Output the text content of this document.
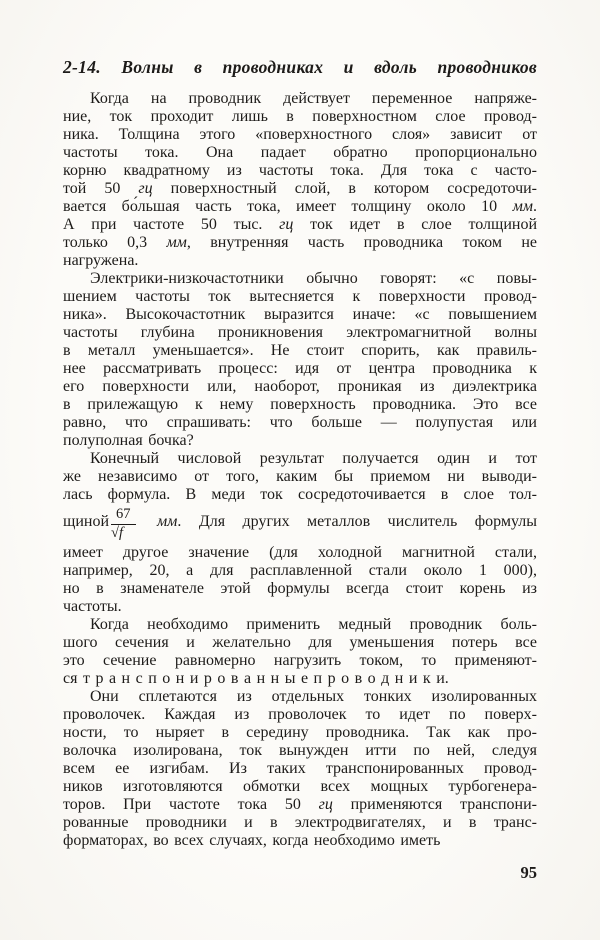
2-14. Волны в проводниках и вдоль проводников
Когда на проводник действует переменное напряже-
ние, ток проходит лишь в поверхностном слое провод-
ника. Толщина этого «поверхностного слоя» зависит от
частоты тока. Она падает обратно пропорционально
корню квадратному из частоты тока. Для тока с часто-
той 50 гц поверхностный слой, в котором сосредоточи-
вается бо́льшая часть тока, имеет толщину около 10 мм.
А при частоте 50 тыс. гц ток идет в слое толщиной
только 0,3 мм, внутренняя часть проводника током не
нагружена.
Электрики-низкочастотники обычно говорят: «с повы-
шением частоты ток вытесняется к поверхности провод-
ника». Высокочастотник выразится иначе: «с повышением
частоты глубина проникновения электромагнитной волны
в металл уменьшается». Не стоит спорить, как правиль-
нее рассматривать процесс: идя от центра проводника к
его поверхности или, наоборот, проникая из диэлектрика
в прилежащую к нему поверхность проводника. Это все
равно, что спрашивать: что больше — полупустая или
полуполная бочка?
Конечный числовой результат получается один и тот
же независимо от того, каким бы приемом ни выводи-
лась формула. В меди ток сосредоточивается в слое тол-
щиной $\frac{67}{√f}$ мм. Для других металлов числитель формулы
имеет другое значение (для холодной магнитной стали,
например, 20, а для расплавленной стали около 1 000),
но в знаменателе этой формулы всегда стоит корень из
частоты.
Когда необходимо применить медный проводник боль-
шого сечения и желательно для уменьшения потерь все
это сечение равномерно нагрузить током, то применяют-
ся т р а н с п о н и р о в а н н ы е п р о в о д н и к и.
Они сплетаются из отдельных тонких изолированных
проволочек. Каждая из проволочек то идет по поверх-
ности, то ныряет в середину проводника. Так как про-
волочка изолирована, ток вынужден итти по ней, следуя
всем ее изгибам. Из таких транспонированных провод-
ников изготовляются обмотки всех мощных турбогенера-
торов. При частоте тока 50 гц применяются транспони-
рованные проводники и в электродвигателях, и в транс-
форматорах, во всех случаях, когда необходимо иметь
95
